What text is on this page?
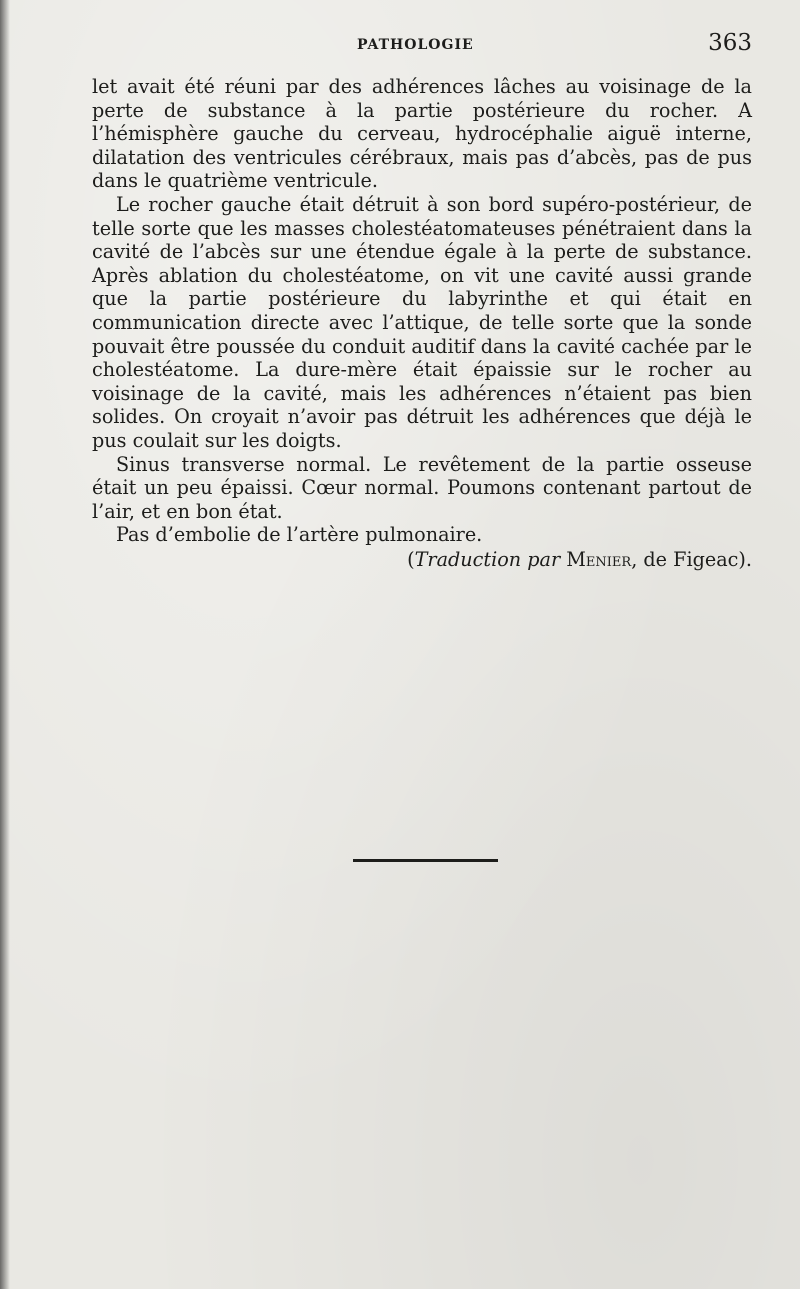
PATHOLOGIE	363

let avait été réuni par des adhérences lâches au voisinage de la perte de substance à la partie postérieure du rocher. A l’hémisphère gauche du cerveau, hydrocéphalie aiguë interne, dilatation des ventricules cérébraux, mais pas d’abcès, pas de pus dans le quatrième ventricule.

Le rocher gauche était détruit à son bord supéro-postérieur, de telle sorte que les masses cholestéatomateuses pénétraient dans la cavité de l’abcès sur une étendue égale à la perte de substance. Après ablation du cholestéatome, on vit une cavité aussi grande que la partie postérieure du labyrinthe et qui était en communication directe avec l’attique, de telle sorte que la sonde pouvait être poussée du conduit auditif dans la cavité cachée par le cholestéatome. La dure-mère était épaissie sur le rocher au voisinage de la cavité, mais les adhérences n’étaient pas bien solides. On croyait n’avoir pas détruit les adhérences que déjà le pus coulait sur les doigts.

Sinus transverse normal. Le revêtement de la partie osseuse était un peu épaissi. Cœur normal. Poumons contenant partout de l’air, et en bon état.

Pas d’embolie de l’artère pulmonaire.

(Traduction par Menier, de Figeac).
